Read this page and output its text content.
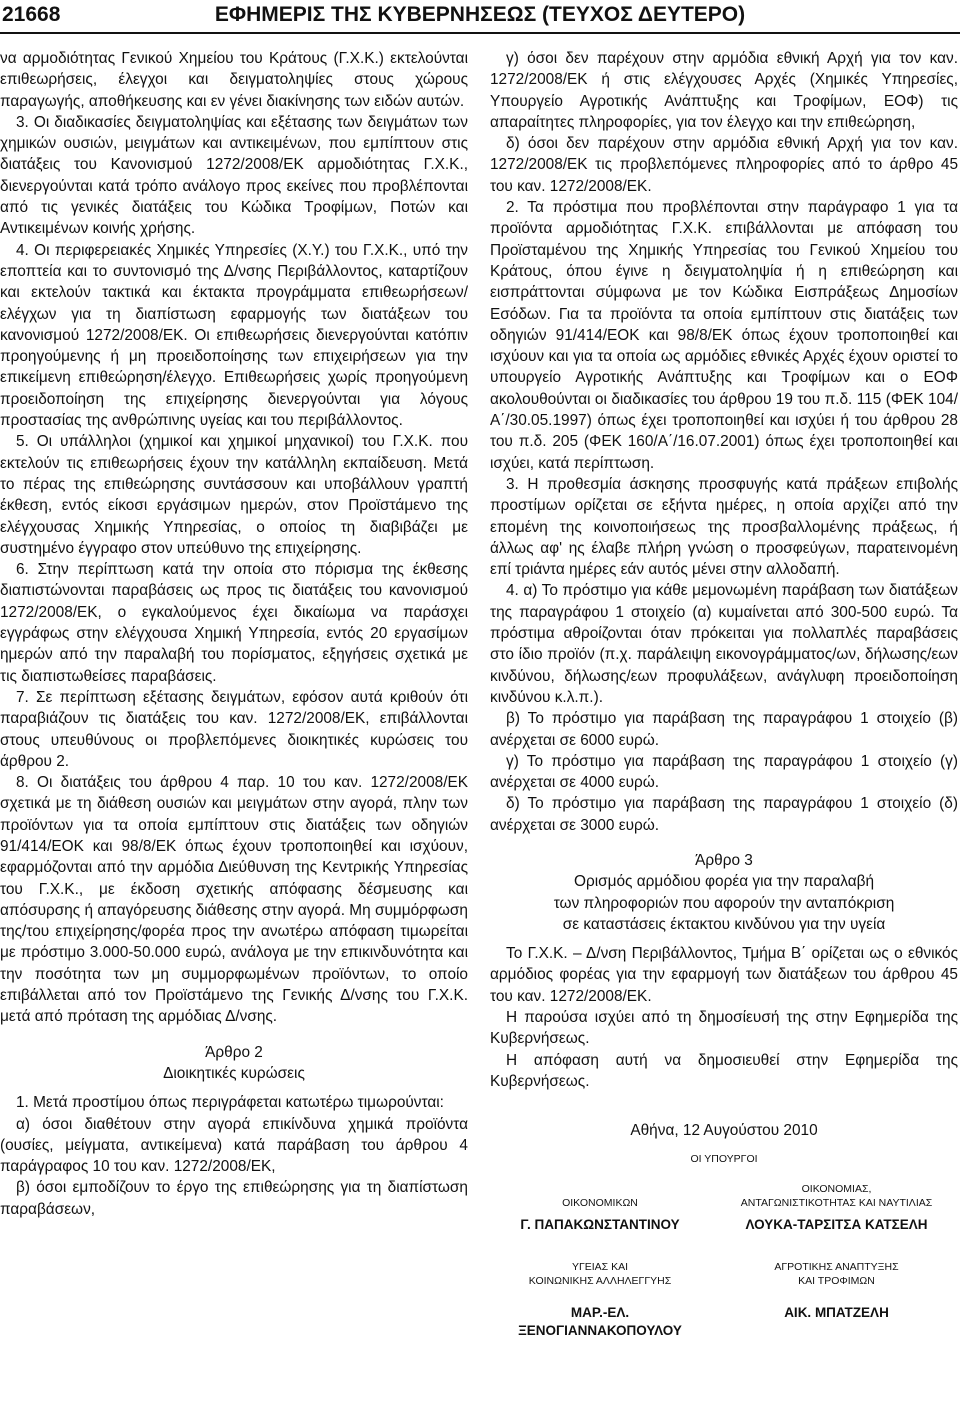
21668	ΕΦΗΜΕΡΙΣ ΤΗΣ ΚΥΒΕΡΝΗΣΕΩΣ (ΤΕΥΧΟΣ ΔΕΥΤΕΡΟ)

να αρμοδιότητας Γενικού Χημείου του Κράτους (Γ.Χ.Κ.) εκτελούνται επιθεωρήσεις, έλεγχοι και δειγματοληψίες στους χώρους παραγωγής, αποθήκευσης και εν γένει διακίνησης των ειδών αυτών.

3. Οι διαδικασίες δειγματοληψίας και εξέτασης των δειγμάτων των χημικών ουσιών, μειγμάτων και αντικειμένων, που εμπίπτουν στις διατάξεις του Κανονισμού 1272/2008/ΕΚ αρμοδιότητας Γ.Χ.Κ., διενεργούνται κατά τρόπο ανάλογο προς εκείνες που προβλέπονται από τις γενικές διατάξεις του Κώδικα Τροφίμων, Ποτών και Αντικειμένων κοινής χρήσης.

4. Οι περιφερειακές Χημικές Υπηρεσίες (Χ.Υ.) του Γ.Χ.Κ., υπό την εποπτεία και το συντονισμό της Δ/νσης Περιβάλλοντος, καταρτίζουν και εκτελούν τακτικά και έκτακτα προγράμματα επιθεωρήσεων/ελέγχων για τη διαπίστωση εφαρμογής των διατάξεων του κανονισμού 1272/2008/ΕΚ. Οι επιθεωρήσεις διενεργούνται κατόπιν προηγούμενης ή μη προειδοποίησης των επιχειρήσεων για την επικείμενη επιθεώρηση/έλεγχο. Επιθεωρήσεις χωρίς προηγούμενη προειδοποίηση της επιχείρησης διενεργούνται για λόγους προστασίας της ανθρώπινης υγείας και του περιβάλλοντος.

5. Οι υπάλληλοι (χημικοί και χημικοί μηχανικοί) του Γ.Χ.Κ. που εκτελούν τις επιθεωρήσεις έχουν την κατάλληλη εκπαίδευση. Μετά το πέρας της επιθεώρησης συντάσσουν και υποβάλλουν γραπτή έκθεση, εντός είκοσι εργάσιμων ημερών, στον Προϊστάμενο της ελέγχουσας Χημικής Υπηρεσίας, ο οποίος τη διαβιβάζει με συστημένο έγγραφο στον υπεύθυνο της επιχείρησης.

6. Στην περίπτωση κατά την οποία στο πόρισμα της έκθεσης διαπιστώνονται παραβάσεις ως προς τις διατάξεις του κανονισμού 1272/2008/ΕΚ, ο εγκαλούμενος έχει δικαίωμα να παράσχει εγγράφως στην ελέγχουσα Χημική Υπηρεσία, εντός 20 εργασίμων ημερών από την παραλαβή του πορίσματος, εξηγήσεις σχετικά με τις διαπιστωθείσες παραβάσεις.

7. Σε περίπτωση εξέτασης δειγμάτων, εφόσον αυτά κριθούν ότι παραβιάζουν τις διατάξεις του καν. 1272/2008/ΕΚ, επιβάλλονται στους υπευθύνους οι προβλεπόμενες διοικητικές κυρώσεις του άρθρου 2.

8. Οι διατάξεις του άρθρου 4 παρ. 10 του καν. 1272/2008/ΕΚ σχετικά με τη διάθεση ουσιών και μειγμάτων στην αγορά, πλην των προϊόντων για τα οποία εμπίπτουν στις διατάξεις των οδηγιών 91/414/ΕΟΚ και 98/8/ΕΚ όπως έχουν τροποποιηθεί και ισχύουν, εφαρμόζονται από την αρμόδια Διεύθυνση της Κεντρικής Υπηρεσίας του Γ.Χ.Κ., με έκδοση σχετικής απόφασης δέσμευσης και απόσυρσης ή απαγόρευσης διάθεσης στην αγορά. Μη συμμόρφωση της/του επιχείρησης/φορέα προς την ανωτέρω απόφαση τιμωρείται με πρόστιμο 3.000-50.000 ευρώ, ανάλογα με την επικινδυνότητα και την ποσότητα των μη συμμορφωμένων προϊόντων, το οποίο επιβάλλεται από τον Προϊστάμενο της Γενικής Δ/νσης του Γ.Χ.Κ. μετά από πρόταση της αρμόδιας Δ/νσης.

Άρθρο 2
Διοικητικές κυρώσεις

1. Μετά προστίμου όπως περιγράφεται κατωτέρω τιμωρούνται:

α) όσοι διαθέτουν στην αγορά επικίνδυνα χημικά προϊόντα (ουσίες, μείγματα, αντικείμενα) κατά παράβαση του άρθρου 4 παράγραφος 10 του καν. 1272/2008/ΕΚ,

β) όσοι εμποδίζουν το έργο της επιθεώρησης για τη διαπίστωση παραβάσεων,

γ) όσοι δεν παρέχουν στην αρμόδια εθνική Αρχή για τον καν. 1272/2008/ΕΚ ή στις ελέγχουσες Αρχές (Χημικές Υπηρεσίες, Υπουργείο Αγροτικής Ανάπτυξης και Τροφίμων, ΕΟΦ) τις απαραίτητες πληροφορίες, για τον έλεγχο και την επιθεώρηση,

δ) όσοι δεν παρέχουν στην αρμόδια εθνική Αρχή για τον καν. 1272/2008/ΕΚ τις προβλεπόμενες πληροφορίες από το άρθρο 45 του καν. 1272/2008/ΕΚ.

2. Τα πρόστιμα που προβλέπονται στην παράγραφο 1 για τα προϊόντα αρμοδιότητας Γ.Χ.Κ. επιβάλλονται με απόφαση του Προϊσταμένου της Χημικής Υπηρεσίας του Γενικού Χημείου του Κράτους, όπου έγινε η δειγματοληψία ή η επιθεώρηση και εισπράττονται σύμφωνα με τον Κώδικα Εισπράξεως Δημοσίων Εσόδων. Για τα προϊόντα τα οποία εμπίπτουν στις διατάξεις των οδηγιών 91/414/ΕΟΚ και 98/8/ΕΚ όπως έχουν τροποποιηθεί και ισχύουν και για τα οποία ως αρμόδιες εθνικές Αρχές έχουν οριστεί το υπουργείο Αγροτικής Ανάπτυξης και Τροφίμων και ο ΕΟΦ ακολουθούνται οι διαδικασίες του άρθρου 19 του π.δ. 115 (ΦΕΚ 104/Α΄/30.05.1997) όπως έχει τροποποιηθεί και ισχύει ή του άρθρου 28 του π.δ. 205 (ΦΕΚ 160/Α΄/16.07.2001) όπως έχει τροποποιηθεί και ισχύει, κατά περίπτωση.

3. Η προθεσμία άσκησης προσφυγής κατά πράξεων επιβολής προστίμων ορίζεται σε εξήντα ημέρες, η οποία αρχίζει από την επομένη της κοινοποιήσεως της προσβαλλομένης πράξεως, ή άλλως αφ' ης έλαβε πλήρη γνώση ο προσφεύγων, παρατεινομένη επί τριάντα ημέρες εάν αυτός μένει στην αλλοδαπή.

4. α) Το πρόστιμο για κάθε μεμονωμένη παράβαση των διατάξεων της παραγράφου 1 στοιχείο (α) κυμαίνεται από 300-500 ευρώ. Τα πρόστιμα αθροίζονται όταν πρόκειται για πολλαπλές παραβάσεις στο ίδιο προϊόν (π.χ. παράλειψη εικονογράμματος/ων, δήλωσης/εων κινδύνου, δήλωσης/εων προφυλάξεων, ανάγλυφη προειδοποίηση κινδύνου κ.λ.π.).

β) Το πρόστιμο για παράβαση της παραγράφου 1 στοιχείο (β) ανέρχεται σε 6000 ευρώ.

γ) Το πρόστιμο για παράβαση της παραγράφου 1 στοιχείο (γ) ανέρχεται σε 4000 ευρώ.

δ) Το πρόστιμο για παράβαση της παραγράφου 1 στοιχείο (δ) ανέρχεται σε 3000 ευρώ.

Άρθρο 3
Ορισμός αρμόδιου φορέα για την παραλαβή
των πληροφοριών που αφορούν την ανταπόκριση
σε καταστάσεις έκτακτου κινδύνου για την υγεία

Το Γ.Χ.Κ. – Δ/νση Περιβάλλοντος, Τμήμα Β΄ ορίζεται ως ο εθνικός αρμόδιος φορέας για την εφαρμογή των διατάξεων του άρθρου 45 του καν. 1272/2008/ΕΚ.

Η παρούσα ισχύει από τη δημοσίευσή της στην Εφημερίδα της Κυβερνήσεως.

Η απόφαση αυτή να δημοσιευθεί στην Εφημερίδα της Κυβερνήσεως.

Αθήνα, 12 Αυγούστου 2010
ΟΙ ΥΠΟΥΡΓΟΙ

ΟΙΚΟΝΟΜΙΚΩΝ
Γ. ΠΑΠΑΚΩΝΣΤΑΝΤΙΝΟΥ
ΟΙΚΟΝΟΜΙΑΣ,
ΑΝΤΑΓΩΝΙΣΤΙΚΟΤΗΤΑΣ ΚΑΙ ΝΑΥΤΙΛΙΑΣ
ΛΟΥΚΑ-ΤΑΡΣΙΤΣΑ ΚΑΤΣΕΛΗ
ΥΓΕΙΑΣ ΚΑΙ
ΚΟΙΝΩΝΙΚΗΣ ΑΛΛΗΛΕΓΓΥΗΣ
ΜΑΡ.-ΕΛ. ΞΕΝΟΓΙΑΝΝΑΚΟΠΟΥΛΟΥ
ΑΓΡΟΤΙΚΗΣ ΑΝΑΠΤΥΞΗΣ
ΚΑΙ ΤΡΟΦΙΜΩΝ
ΑΙΚ. ΜΠΑΤΖΕΛΗ
